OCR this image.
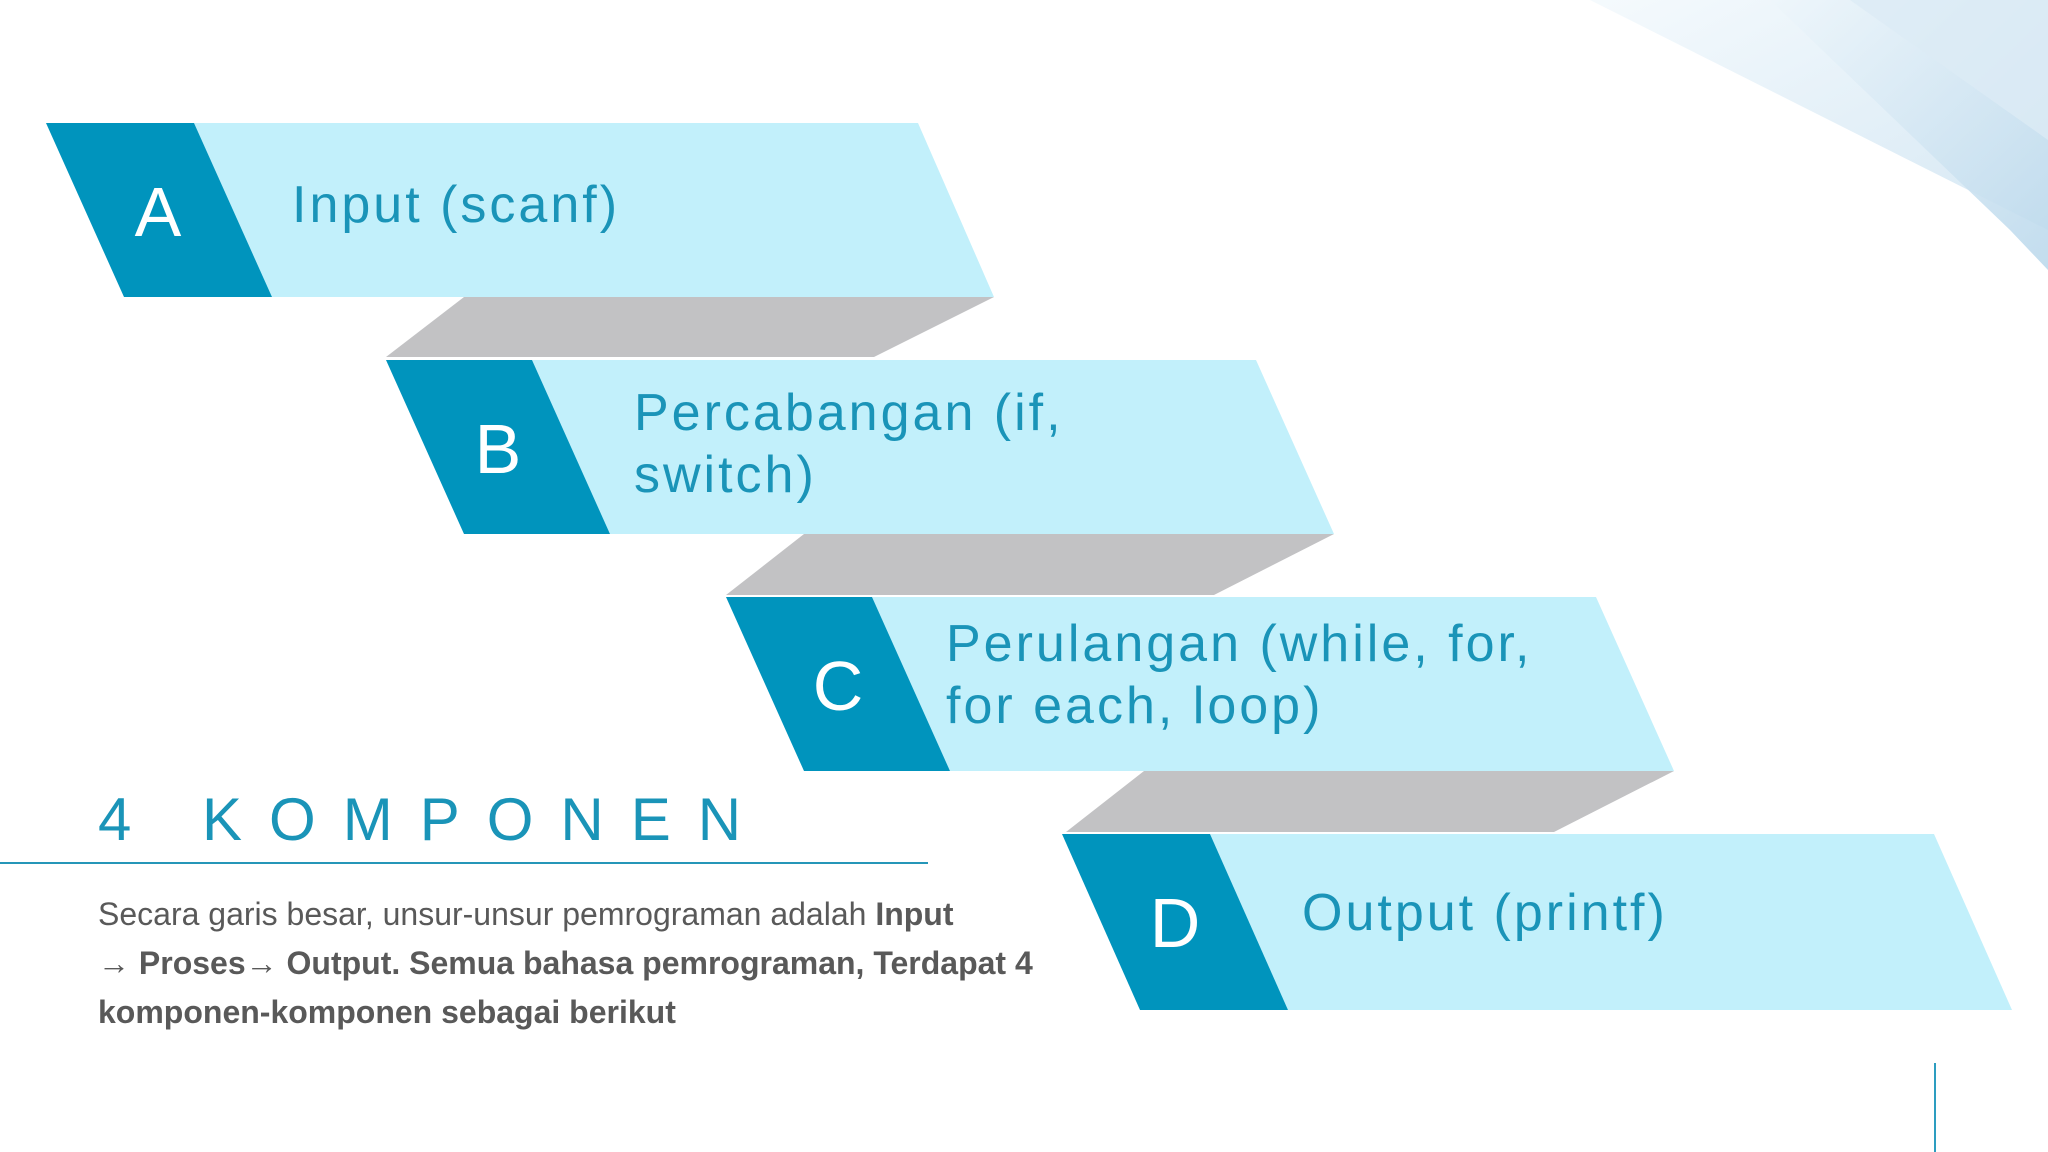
A	Input (scanf)
B	Percabangan (if,
switch)
C
Perulangan (while, for,
for each, loop)
D	Output (printf)
4 KOMPONEN
Secara garis besar, unsur-unsur pemrograman adalah Input
→ Proses→ Output. Semua bahasa pemrograman, Terdapat 4   komponen-komponen sebagai berikut
